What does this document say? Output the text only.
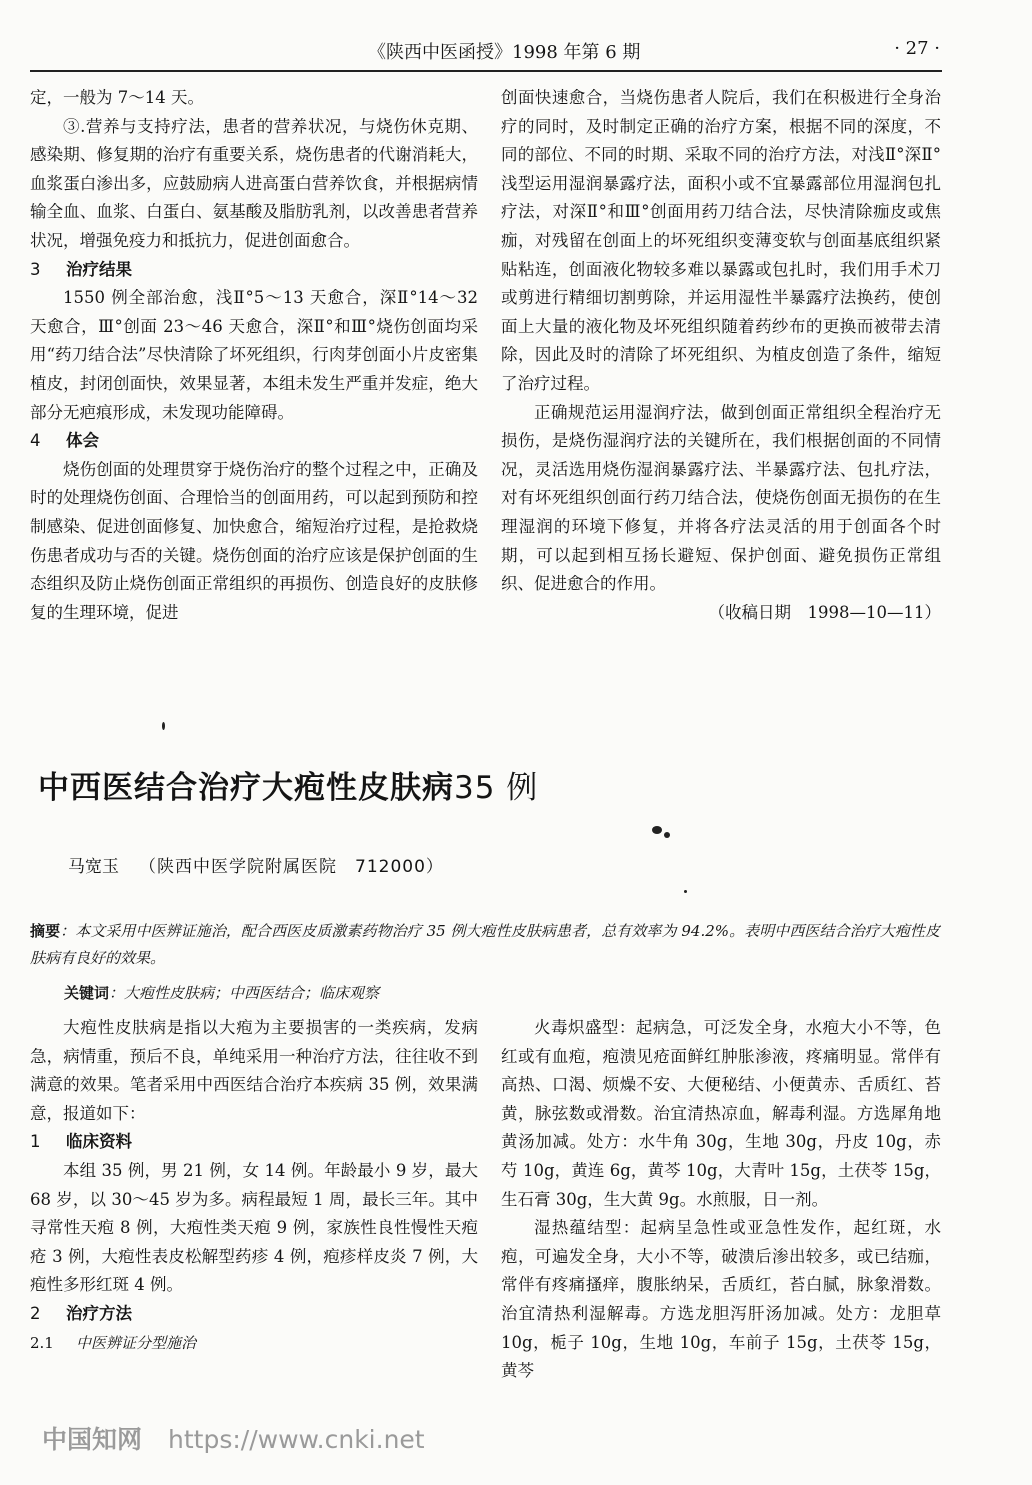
《陕西中医函授》1998 年第 6 期	· 27 ·

定，一般为 7～14 天。

③.营养与支持疗法，患者的营养状况，与烧伤休克期、感染期、修复期的治疗有重要关系，烧伤患者的代谢消耗大，血浆蛋白渗出多，应鼓励病人进高蛋白营养饮食，并根据病情输全血、血浆、白蛋白、氨基酸及脂肪乳剂，以改善患者营养状况，增强免疫力和抵抗力，促进创面愈合。

3 治疗结果

1550 例全部治愈，浅Ⅱ°5～13 天愈合，深Ⅱ°14～32 天愈合，Ⅲ°创面 23～46 天愈合，深Ⅱ°和Ⅲ°烧伤创面均采用“药刀结合法”尽快清除了坏死组织，行肉芽创面小片皮密集植皮，封闭创面快，效果显著，本组未发生严重并发症，绝大部分无疤痕形成，未发现功能障碍。

4 体会

烧伤创面的处理贯穿于烧伤治疗的整个过程之中，正确及时的处理烧伤创面、合理恰当的创面用药，可以起到预防和控制感染、促进创面修复、加快愈合，缩短治疗过程，是抢救烧伤患者成功与否的关键。烧伤创面的治疗应该是保护创面的生态组织及防止烧伤创面正常组织的再损伤、创造良好的皮肤修复的生理环境，促进

创面快速愈合，当烧伤患者人院后，我们在积极进行全身治疗的同时，及时制定正确的治疗方案，根据不同的深度，不同的部位、不同的时期、采取不同的治疗方法，对浅Ⅱ°深Ⅱ°浅型运用湿润暴露疗法，面积小或不宜暴露部位用湿润包扎疗法，对深Ⅱ°和Ⅲ°创面用药刀结合法，尽快清除痂皮或焦痂，对残留在创面上的坏死组织变薄变软与创面基底组织紧贴粘连，创面液化物较多难以暴露或包扎时，我们用手术刀或剪进行精细切割剪除，并运用湿性半暴露疗法换药，使创面上大量的液化物及坏死组织随着药纱布的更换而被带去清除，因此及时的清除了坏死组织、为植皮创造了条件，缩短了治疗过程。

正确规范运用湿润疗法，做到创面正常组织全程治疗无损伤，是烧伤湿润疗法的关键所在，我们根据创面的不同情况，灵活选用烧伤湿润暴露疗法、半暴露疗法、包扎疗法，对有坏死组织创面行药刀结合法，使烧伤创面无损伤的在生理湿润的环境下修复，并将各疗法灵活的用于创面各个时期，可以起到相互扬长避短、保护创面、避免损伤正常组织、促进愈合的作用。

（收稿日期　1998—10—11）

中西医结合治疗大疱性皮肤病35 例
马宽玉 （陕西中医学院附属医院　712000）
摘要：本文采用中医辨证施治，配合西医皮质激素药物治疗 35 例大疱性皮肤病患者，总有效率为 94.2%。表明中西医结合治疗大疱性皮肤病有良好的效果。
关键词：大疱性皮肤病；中西医结合；临床观察

大疱性皮肤病是指以大疱为主要损害的一类疾病，发病急，病情重，预后不良，单纯采用一种治疗方法，往往收不到满意的效果。笔者采用中西医结合治疗本疾病 35 例，效果满意，报道如下：

1 临床资料

本组 35 例，男 21 例，女 14 例。年龄最小 9 岁，最大 68 岁，以 30～45 岁为多。病程最短 1 周，最长三年。其中寻常性天疱 8 例，大疱性类天疱 9 例，家族性良性慢性天疱疮 3 例，大疱性表皮松解型药疹 4 例，疱疹样皮炎 7 例，大疱性多形红斑 4 例。

2 治疗方法

2.1 中医辨证分型施治

火毒炽盛型：起病急，可泛发全身，水疱大小不等，色红或有血疱，疱溃见疮面鲜红肿胀渗液，疼痛明显。常伴有高热、口渴、烦燥不安、大便秘结、小便黄赤、舌质红、苔黄，脉弦数或滑数。治宜清热凉血，解毒利湿。方选犀角地黄汤加减。处方：水牛角 30g，生地 30g，丹皮 10g，赤芍 10g，黄连 6g，黄芩 10g，大青叶 15g，土茯苓 15g，生石膏 30g，生大黄 9g。水煎服，日一剂。

湿热蕴结型：起病呈急性或亚急性发作，起红斑，水疱，可遍发全身，大小不等，破溃后渗出较多，或已结痂，常伴有疼痛搔痒，腹胀纳呆，舌质红，苔白腻，脉象滑数。治宜清热利湿解毒。方选龙胆泻肝汤加减。处方：龙胆草 10g，栀子 10g，生地 10g，车前子 15g，土茯苓 15g，黄芩

中国知网 https://www.cnki.net
